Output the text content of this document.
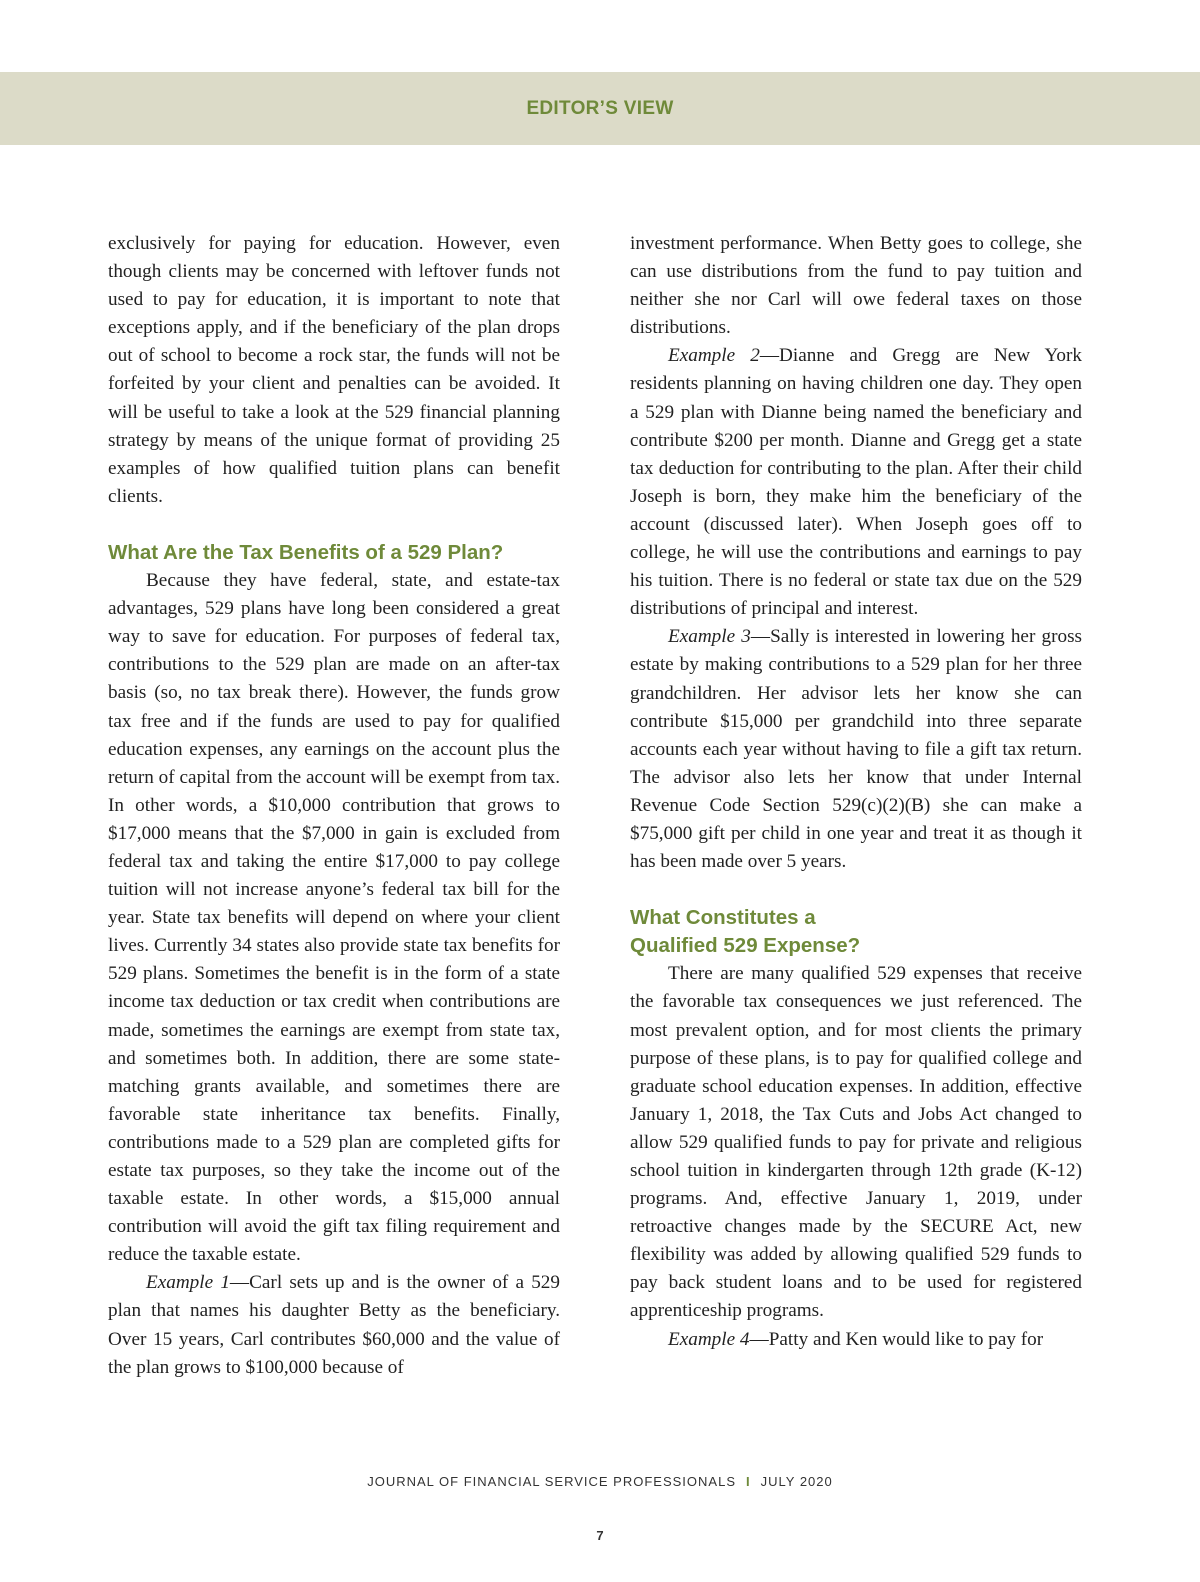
EDITOR’S VIEW

exclusively for paying for education. However, even though clients may be concerned with leftover funds not used to pay for education, it is important to note that exceptions apply, and if the beneficiary of the plan drops out of school to become a rock star, the funds will not be forfeited by your client and penalties can be avoided. It will be useful to take a look at the 529 financial planning strategy by means of the unique format of providing 25 examples of how qualified tuition plans can benefit clients.

What Are the Tax Benefits of a 529 Plan?

Because they have federal, state, and estate-tax advantages, 529 plans have long been considered a great way to save for education. For purposes of federal tax, contributions to the 529 plan are made on an after-tax basis (so, no tax break there). However, the funds grow tax free and if the funds are used to pay for qualified education expenses, any earnings on the account plus the return of capital from the account will be exempt from tax. In other words, a $10,000 contribution that grows to $17,000 means that the $7,000 in gain is excluded from federal tax and taking the entire $17,000 to pay college tuition will not increase anyone’s federal tax bill for the year. State tax benefits will depend on where your client lives. Currently 34 states also provide state tax benefits for 529 plans. Sometimes the benefit is in the form of a state income tax deduction or tax credit when contributions are made, sometimes the earnings are exempt from state tax, and sometimes both. In addition, there are some state-matching grants available, and sometimes there are favorable state inheritance tax benefits. Finally, contributions made to a 529 plan are completed gifts for estate tax purposes, so they take the income out of the taxable estate. In other words, a $15,000 annual contribution will avoid the gift tax filing requirement and reduce the taxable estate.

Example 1—Carl sets up and is the owner of a 529 plan that names his daughter Betty as the beneficiary. Over 15 years, Carl contributes $60,000 and the value of the plan grows to $100,000 because of

investment performance. When Betty goes to college, she can use distributions from the fund to pay tuition and neither she nor Carl will owe federal taxes on those distributions.

Example 2—Dianne and Gregg are New York residents planning on having children one day. They open a 529 plan with Dianne being named the beneficiary and contribute $200 per month. Dianne and Gregg get a state tax deduction for contributing to the plan. After their child Joseph is born, they make him the beneficiary of the account (discussed later). When Joseph goes off to college, he will use the contributions and earnings to pay his tuition. There is no federal or state tax due on the 529 distributions of principal and interest.

Example 3—Sally is interested in lowering her gross estate by making contributions to a 529 plan for her three grandchildren. Her advisor lets her know she can contribute $15,000 per grandchild into three separate accounts each year without having to file a gift tax return. The advisor also lets her know that under Internal Revenue Code Section 529(c)(2)(B) she can make a $75,000 gift per child in one year and treat it as though it has been made over 5 years.

What Constitutes a
Qualified 529 Expense?

There are many qualified 529 expenses that receive the favorable tax consequences we just referenced. The most prevalent option, and for most clients the primary purpose of these plans, is to pay for qualified college and graduate school education expenses. In addition, effective January 1, 2018, the Tax Cuts and Jobs Act changed to allow 529 qualified funds to pay for private and religious school tuition in kindergarten through 12th grade (K-12) programs. And, effective January 1, 2019, under retroactive changes made by the SECURE Act, new flexibility was added by allowing qualified 529 funds to pay back student loans and to be used for registered apprenticeship programs.

Example 4—Patty and Ken would like to pay for

JOURNAL OF FINANCIAL SERVICE PROFESSIONALS I JULY 2020
7
